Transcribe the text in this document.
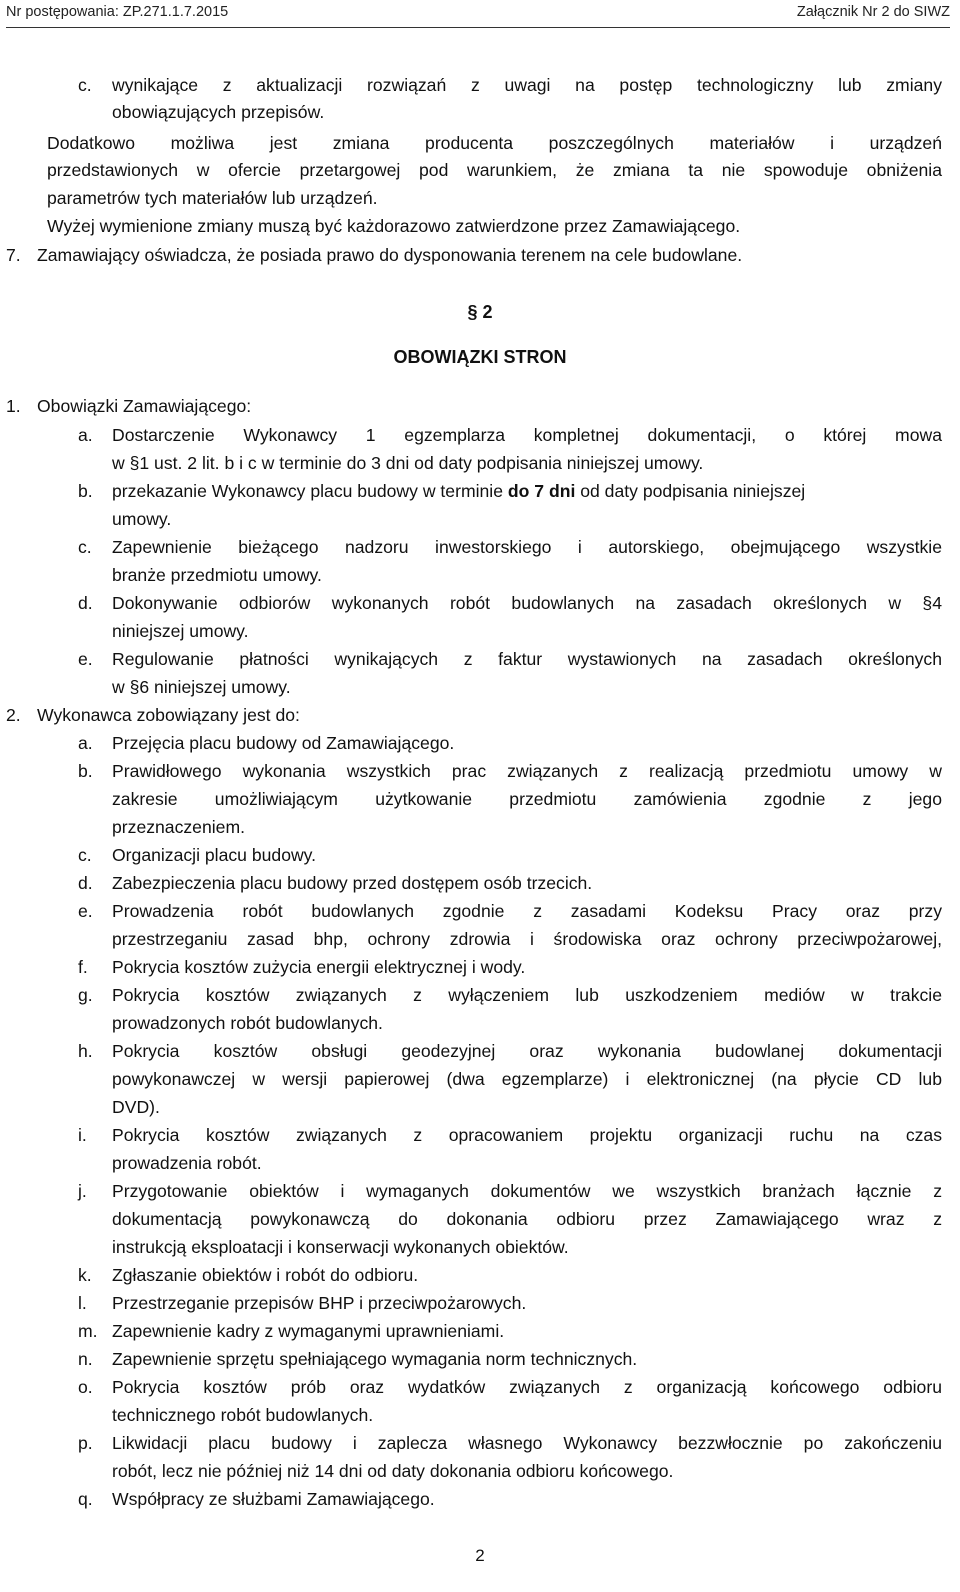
Nr postępowania: ZP.271.1.7.2015	Załącznik Nr 2 do SIWZ
c. wynikające z aktualizacji rozwiązań z uwagi na postęp technologiczny lub zmiany
obowiązujących przepisów.
Dodatkowo możliwa jest zmiana producenta poszczególnych materiałów i urządzeń
przedstawionych w ofercie przetargowej pod warunkiem, że zmiana ta nie spowoduje obniżenia
parametrów tych materiałów lub urządzeń.
Wyżej wymienione zmiany muszą być każdorazowo zatwierdzone przez Zamawiającego.
7. Zamawiający oświadcza, że posiada prawo do dysponowania terenem na cele budowlane.
§ 2
OBOWIĄZKI STRON
1. Obowiązki Zamawiającego:
a. Dostarczenie Wykonawcy 1 egzemplarza kompletnej dokumentacji, o której mowa
w §1 ust. 2 lit. b i c w terminie do 3 dni od daty podpisania niniejszej umowy.
b. przekazanie Wykonawcy placu budowy w terminie do 7 dni od daty podpisania niniejszej
umowy.
c. Zapewnienie bieżącego nadzoru inwestorskiego i autorskiego, obejmującego wszystkie
branże przedmiotu umowy.
d. Dokonywanie odbiorów wykonanych robót budowlanych na zasadach określonych w §4
niniejszej umowy.
e. Regulowanie płatności wynikających z faktur wystawionych na zasadach określonych
w §6 niniejszej umowy.
2. Wykonawca zobowiązany jest do:
a. Przejęcia placu budowy od Zamawiającego.
b. Prawidłowego wykonania wszystkich prac związanych z realizacją przedmiotu umowy w
zakresie umożliwiającym użytkowanie przedmiotu zamówienia zgodnie z jego
przeznaczeniem.
c. Organizacji placu budowy.
d. Zabezpieczenia placu budowy przed dostępem osób trzecich.
e. Prowadzenia robót budowlanych zgodnie z zasadami Kodeksu Pracy oraz przy
przestrzeganiu zasad bhp, ochrony zdrowia i środowiska oraz ochrony przeciwpożarowej,
f. Pokrycia kosztów zużycia energii elektrycznej i wody.
g. Pokrycia kosztów związanych z wyłączeniem lub uszkodzeniem mediów w trakcie
prowadzonych robót budowlanych.
h. Pokrycia kosztów obsługi geodezyjnej oraz wykonania budowlanej dokumentacji
powykonawczej w wersji papierowej (dwa egzemplarze) i elektronicznej (na płycie CD lub
DVD).
i. Pokrycia kosztów związanych z opracowaniem projektu organizacji ruchu na czas
prowadzenia robót.
j. Przygotowanie obiektów i wymaganych dokumentów we wszystkich branżach łącznie z
dokumentacją powykonawczą do dokonania odbioru przez Zamawiającego wraz z
instrukcją eksploatacji i konserwacji wykonanych obiektów.
k. Zgłaszanie obiektów i robót do odbioru.
l. Przestrzeganie przepisów BHP i przeciwpożarowych.
m. Zapewnienie kadry z wymaganymi uprawnieniami.
n. Zapewnienie sprzętu spełniającego wymagania norm technicznych.
o. Pokrycia kosztów prób oraz wydatków związanych z organizacją końcowego odbioru
technicznego robót budowlanych.
p. Likwidacji placu budowy i zaplecza własnego Wykonawcy bezzwłocznie po zakończeniu
robót, lecz nie później niż 14 dni od daty dokonania odbioru końcowego.
q. Współpracy ze służbami Zamawiającego.
2
